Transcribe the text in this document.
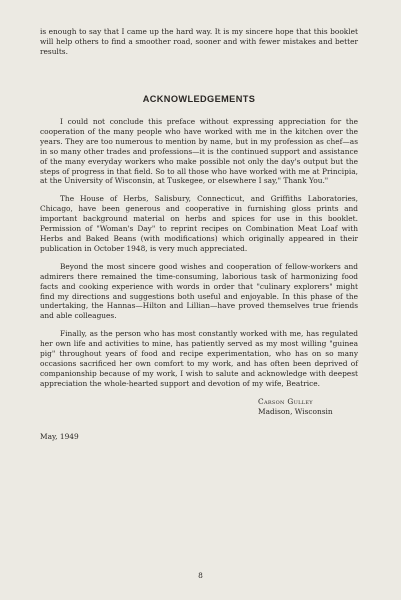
is enough to say that I came up the hard way. It is my sincere hope that this booklet will help others to find a smoother road, sooner and with fewer mistakes and better results.

ACKNOWLEDGEMENTS

I could not conclude this preface without expressing appreciation for the cooperation of the many people who have worked with me in the kitchen over the years. They are too numerous to mention by name, but in my profession as chef—as in so many other trades and professions—it is the continued support and assistance of the many everyday workers who make possible not only the day's output but the steps of progress in that field. So to all those who have worked with me at Principia, at the University of Wisconsin, at Tuskegee, or elsewhere I say," Thank You."

The House of Herbs, Salisbury, Connecticut, and Griffiths Laboratories, Chicago, have been generous and cooperative in furnishing gloss prints and important background material on herbs and spices for use in this booklet. Permission of "Woman's Day" to reprint recipes on Combination Meat Loaf with Herbs and Baked Beans (with modifications) which originally appeared in their publication in October 1948, is very much appreciated.

Beyond the most sincere good wishes and cooperation of fellow-workers and admirers there remained the time-consuming, laborious task of harmonizing food facts and cooking experience with words in order that "culinary explorers" might find my directions and suggestions both useful and enjoyable. In this phase of the undertaking, the Hannas—Hilton and Lillian—have proved themselves true friends and able colleagues.

Finally, as the person who has most constantly worked with me, has regulated her own life and activities to mine, has patiently served as my most willing "guinea pig" throughout years of food and recipe experimentation, who has on so many occasions sacrificed her own comfort to my work, and has often been deprived of companionship because of my work, I wish to salute and acknowledge with deepest appreciation the whole-hearted support and devotion of my wife, Beatrice.

Carson Gulley
Madison, Wisconsin
May, 1949
8
